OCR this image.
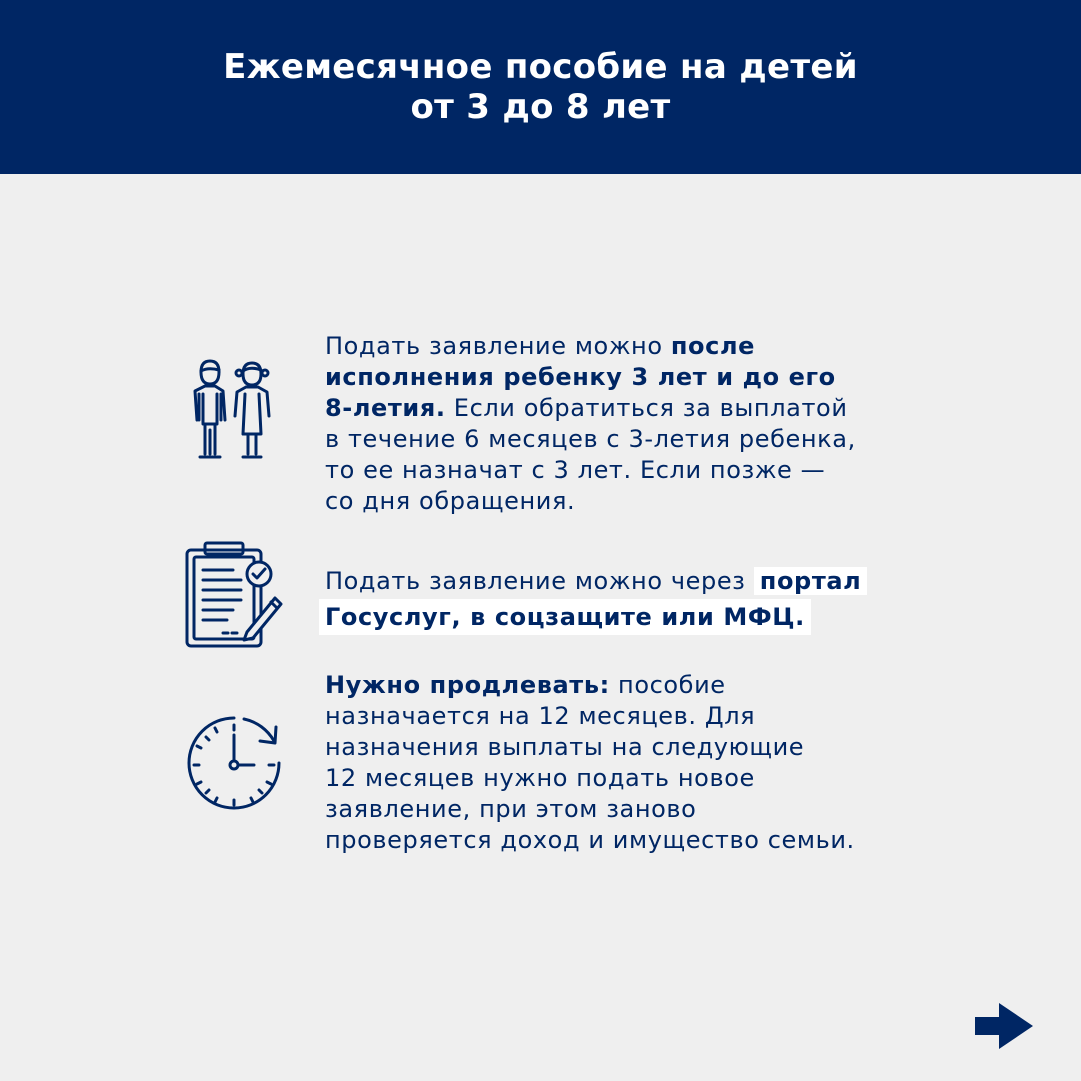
Ежемесячное пособие на детей
от 3 до 8 лет
Подать заявление можно после
исполнения ребенку 3 лет и до его
8-летия. Если обратиться за выплатой
в течение 6 месяцев с 3-летия ребенка,
то ее назначат с 3 лет. Если позже —
со дня обращения.
Подать заявление можно через портал
Госуслуг, в соцзащите или МФЦ.
Нужно продлевать: пособие
назначается на 12 месяцев. Для
назначения выплаты на следующие
12 месяцев нужно подать новое
заявление, при этом заново
проверяется доход и имущество семьи.
